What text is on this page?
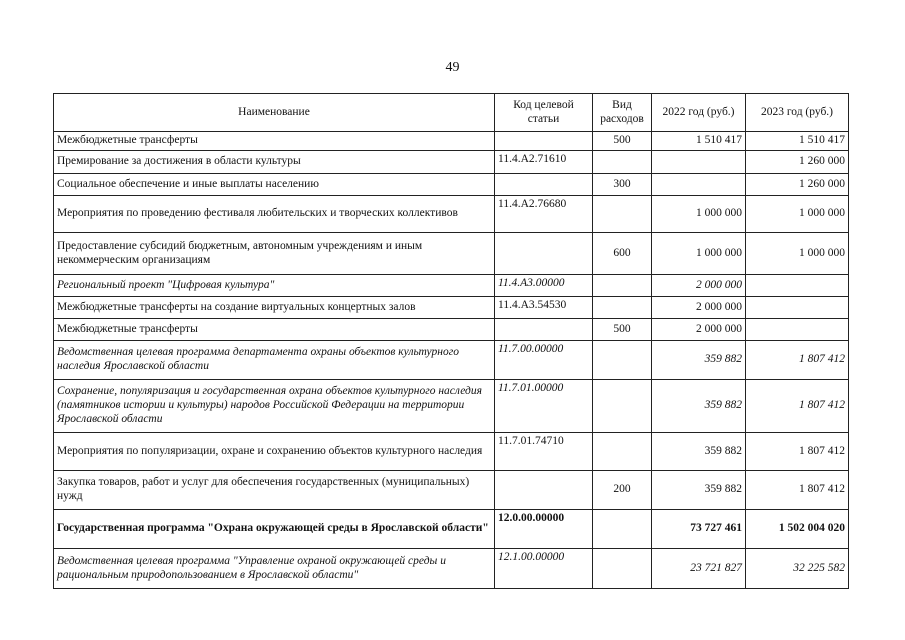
49
Наименование	Код целевой статьи	Вид расходов	2022 год (руб.)	2023 год (руб.)
Межбюджетные трансферты		500	1 510 417	1 510 417
Премирование за достижения в области культуры	11.4.А2.71610			1 260 000
Социальное обеспечение и иные выплаты населению		300		1 260 000
Мероприятия по проведению фестиваля любительских и творческих коллективов	11.4.А2.76680		1 000 000	1 000 000
Предоставление субсидий бюджетным, автономным учреждениям и иным некоммерческим организациям		600	1 000 000	1 000 000
Региональный проект "Цифровая культура"	11.4.А3.00000		2 000 000	
Межбюджетные трансферты на создание виртуальных концертных залов	11.4.А3.54530		2 000 000	
Межбюджетные трансферты		500	2 000 000	
Ведомственная целевая программа департамента охраны объектов культурного наследия Ярославской области	11.7.00.00000		359 882	1 807 412
Сохранение, популяризация и государственная охрана объектов культурного наследия (памятников истории и культуры) народов Российской Федерации на территории Ярославской области	11.7.01.00000		359 882	1 807 412
Мероприятия по популяризации, охране и сохранению объектов культурного наследия	11.7.01.74710		359 882	1 807 412
Закупка товаров, работ и услуг для обеспечения государственных (муниципальных) нужд		200	359 882	1 807 412
Государственная программа "Охрана окружающей среды в Ярославской области"	12.0.00.00000		73 727 461	1 502 004 020
Ведомственная целевая программа "Управление охраной окружающей среды и рациональным природопользованием в Ярославской области"	12.1.00.00000		23 721 827	32 225 582
